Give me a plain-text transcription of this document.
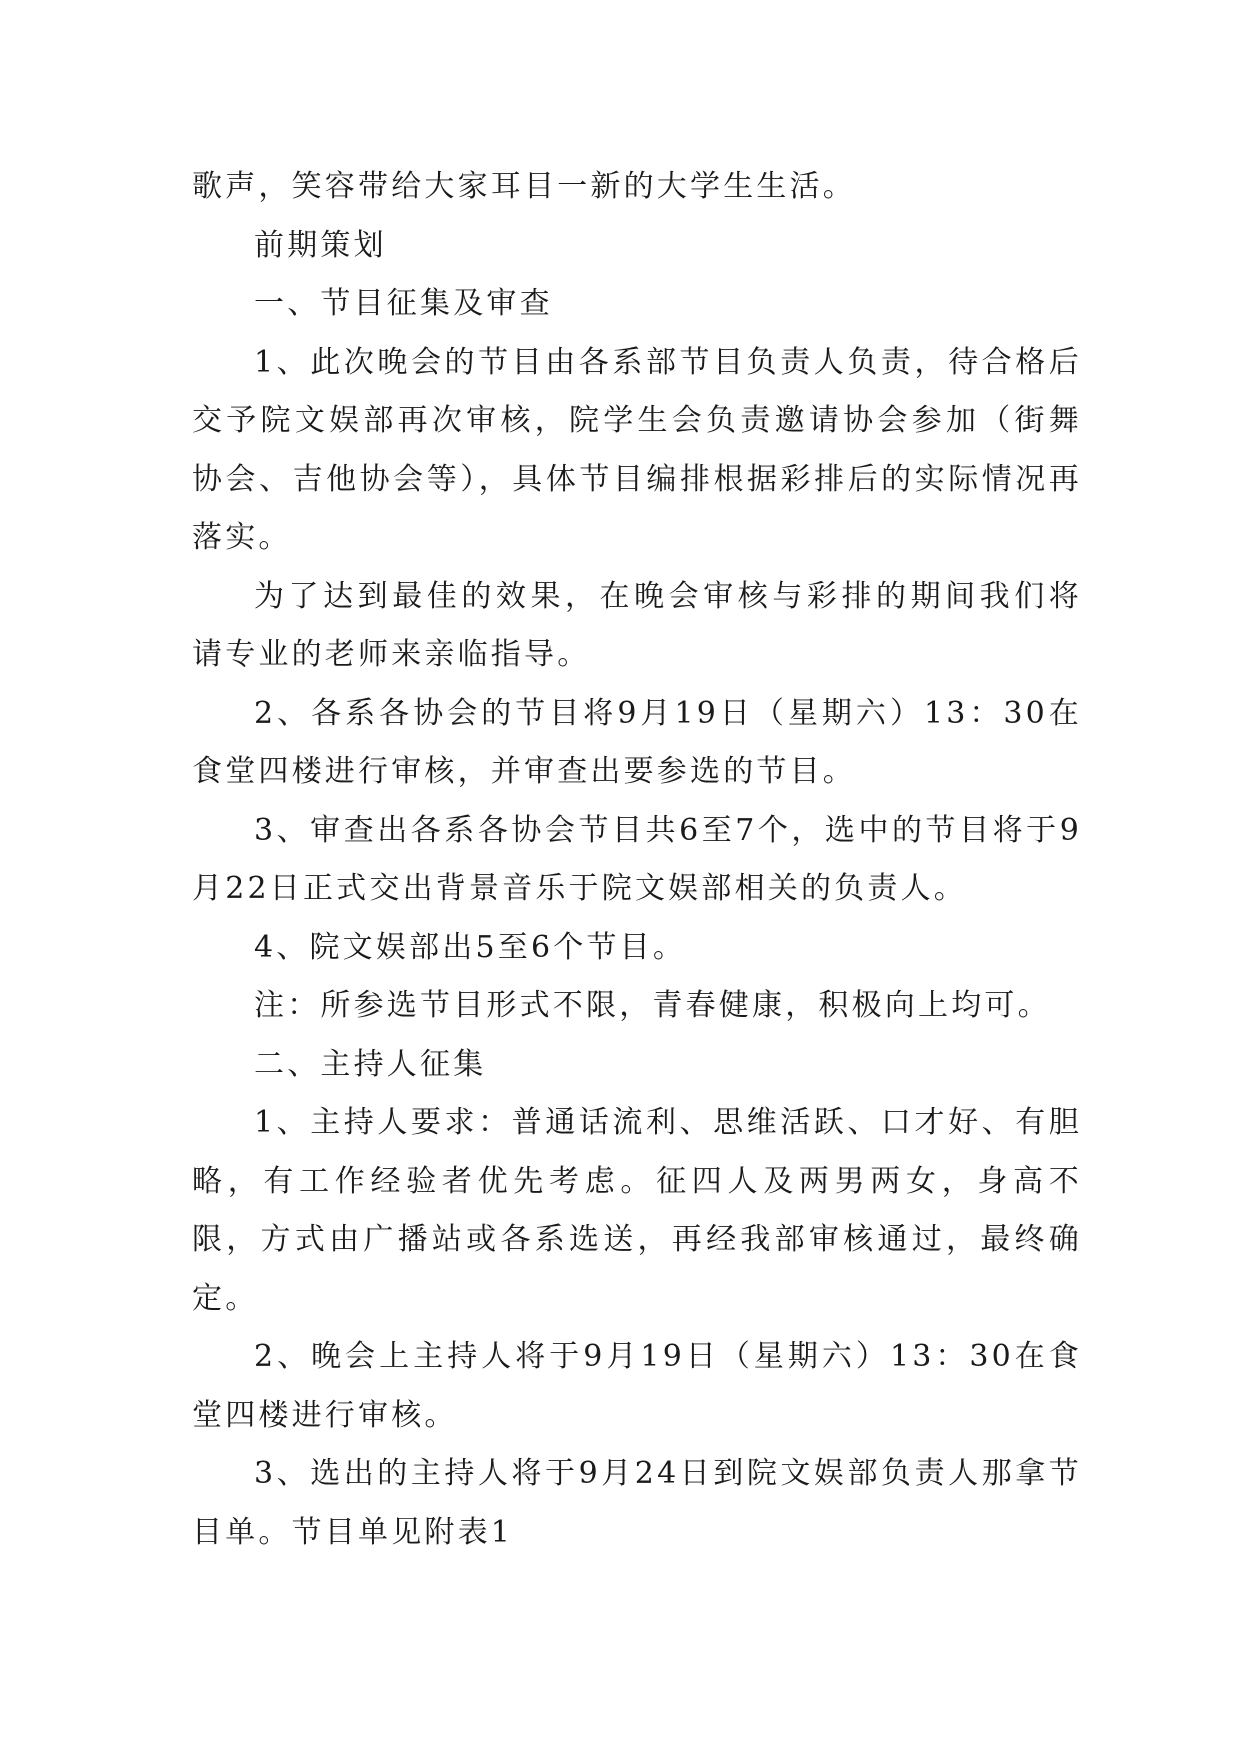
歌声，笑容带给大家耳目一新的大学生生活。

前期策划

一、节目征集及审查

1、此次晚会的节目由各系部节目负责人负责，待合格后交予院文娱部再次审核，院学生会负责邀请协会参加（街舞协会、吉他协会等），具体节目编排根据彩排后的实际情况再落实。

为了达到最佳的效果，在晚会审核与彩排的期间我们将请专业的老师来亲临指导。

2、各系各协会的节目将9月19日（星期六）13：30在食堂四楼进行审核，并审查出要参选的节目。

3、审查出各系各协会节目共6至7个，选中的节目将于9月22日正式交出背景音乐于院文娱部相关的负责人。

4、院文娱部出5至6个节目。

注：所参选节目形式不限，青春健康，积极向上均可。

二、主持人征集

1、主持人要求：普通话流利、思维活跃、口才好、有胆略，有工作经验者优先考虑。征四人及两男两女，身高不限，方式由广播站或各系选送，再经我部审核通过，最终确定。

2、晚会上主持人将于9月19日（星期六）13：30在食堂四楼进行审核。

3、选出的主持人将于9月24日到院文娱部负责人那拿节目单。节目单见附表1
